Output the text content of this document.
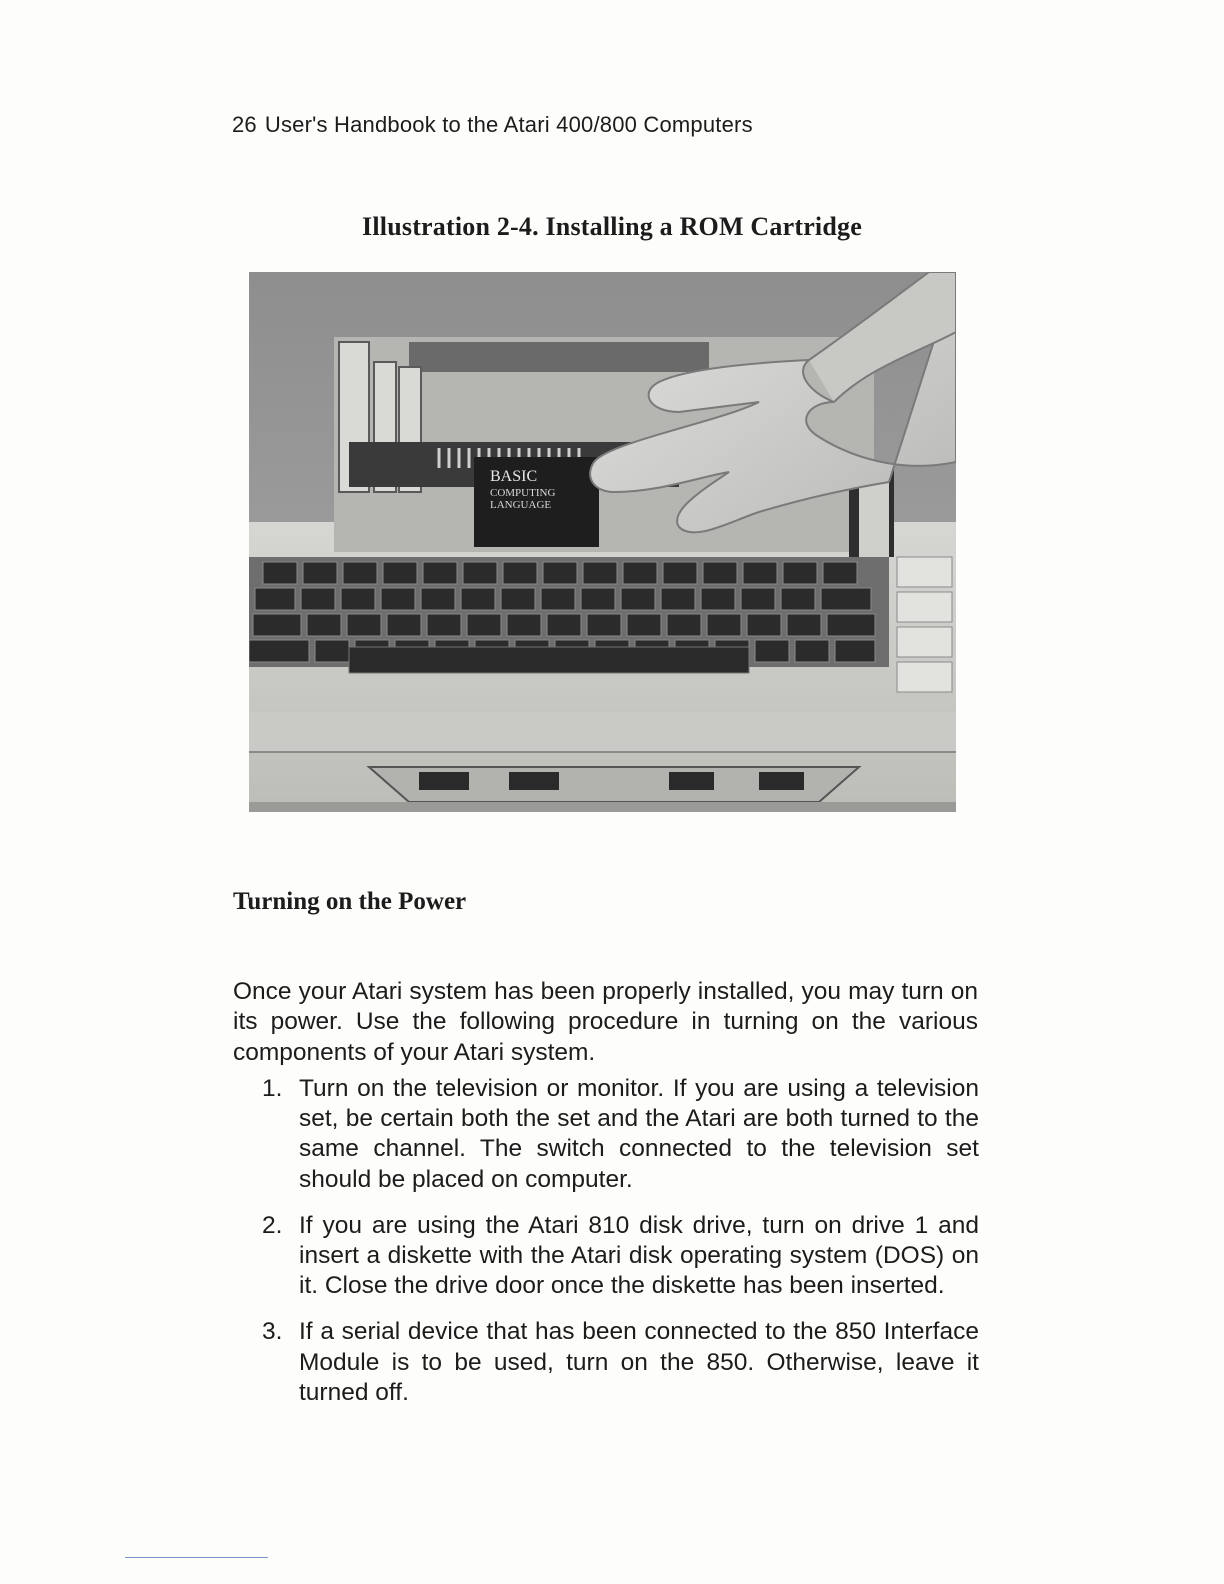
26 User's Handbook to the Atari 400/800 Computers
Illustration 2-4. Installing a ROM Cartridge
BASIC
COMPUTING
LANGUAGE
Turning on the Power

Once your Atari system has been properly installed, you may turn on its power. Use the following procedure in turning on the various components of your Atari system.

1. Turn on the television or monitor. If you are using a television set, be certain both the set and the Atari are both turned to the same channel. The switch connected to the television set should be placed on computer.
2. If you are using the Atari 810 disk drive, turn on drive 1 and insert a diskette with the Atari disk operating system (DOS) on it. Close the drive door once the diskette has been inserted.
3. If a serial device that has been connected to the 850 Interface Module is to be used, turn on the 850. Otherwise, leave it turned off.
